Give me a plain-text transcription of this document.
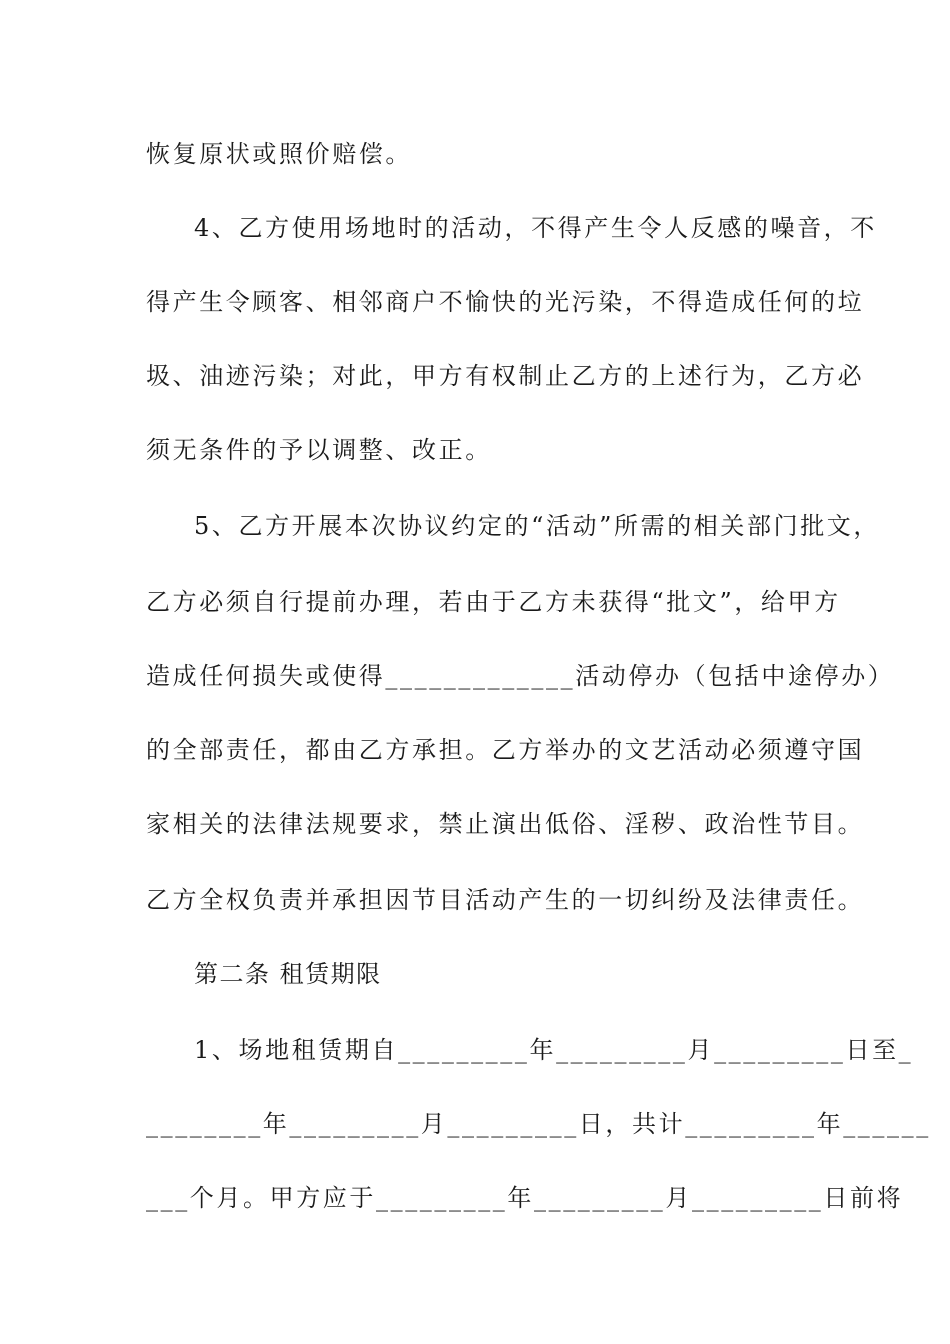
恢复原状或照价赔偿。
4、乙方使用场地时的活动，不得产生令人反感的噪音，不
得产生令顾客、相邻商户不愉快的光污染，不得造成任何的垃
圾、油迹污染；对此，甲方有权制止乙方的上述行为，乙方必
须无条件的予以调整、改正。
5、乙方开展本次协议约定的“活动”所需的相关部门批文，
乙方必须自行提前办理，若由于乙方未获得“批文”，给甲方
造成任何损失或使得_____________活动停办（包括中途停办）
的全部责任，都由乙方承担。乙方举办的文艺活动必须遵守国
家相关的法律法规要求，禁止演出低俗、淫秽、政治性节目。
乙方全权负责并承担因节目活动产生的一切纠纷及法律责任。
第二条 租赁期限
1、场地租赁期自_________年_________月_________日至_
________年_________月_________日，共计_________年______
___个月。甲方应于_________年_________月_________日前将
